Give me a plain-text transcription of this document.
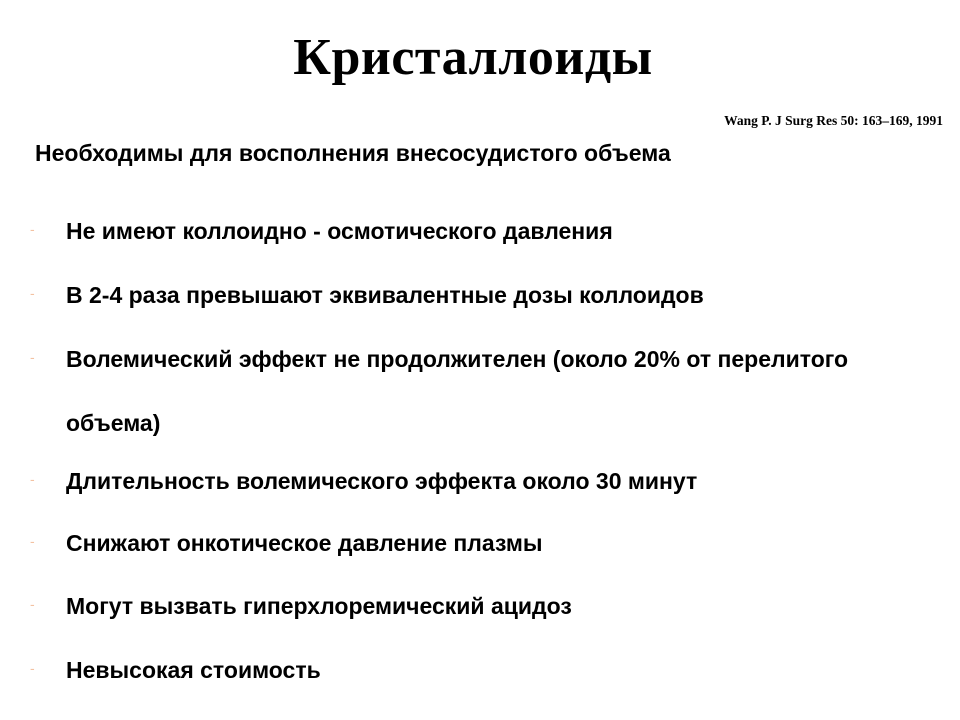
Кристаллоиды
Wang P. J Surg Res 50: 163–169, 1991
Необходимы для восполнения внесосудистого объема
- Не имеют коллоидно - осмотического давления
- В 2-4 раза превышают эквивалентные дозы коллоидов
- Волемический эффект не продолжителен (около 20% от перелитого объема)
- Длительность волемического эффекта около 30 минут
- Снижают онкотическое давление плазмы
- Могут вызвать гиперхлоремический ацидоз
- Невысокая стоимость
